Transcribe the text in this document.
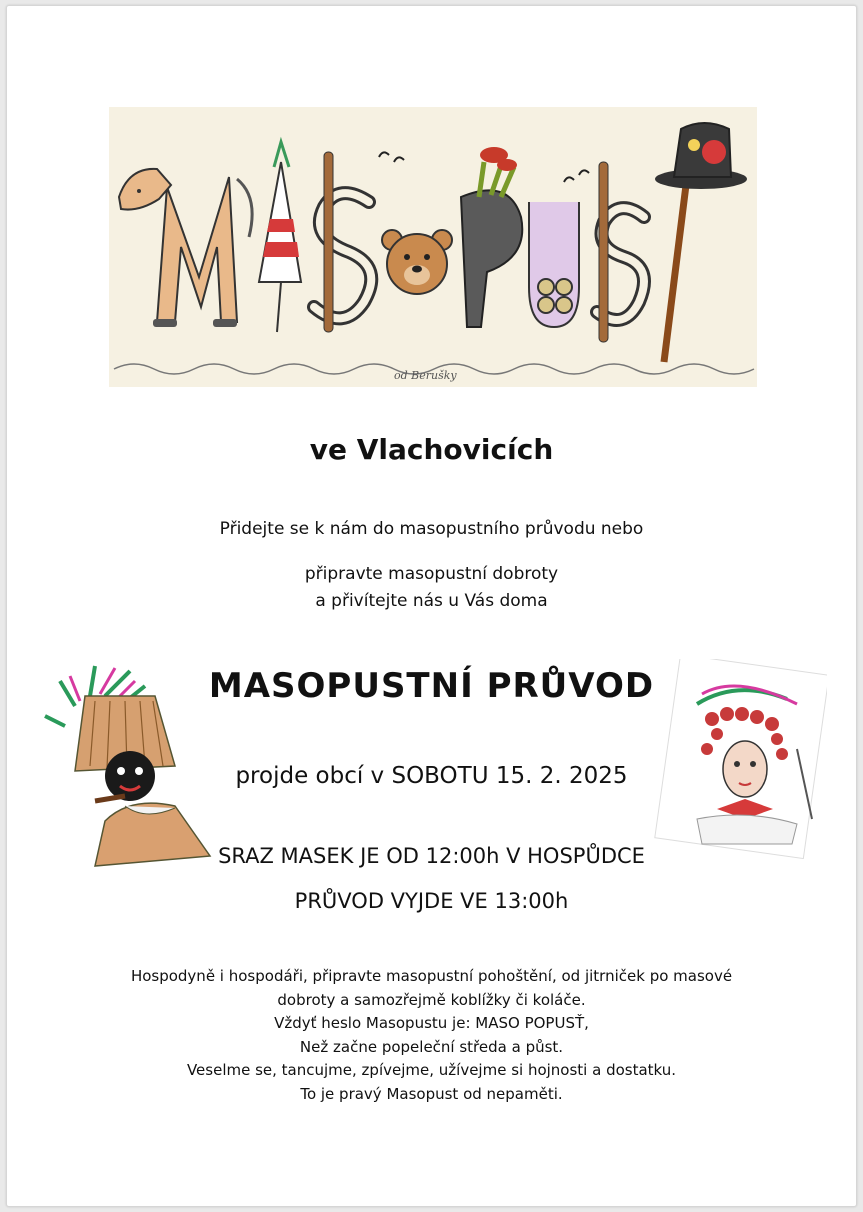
od Berušky
ve Vlachovicích
Přidejte se k nám do masopustního průvodu nebo
připravte masopustní dobroty
a přivítejte nás u Vás doma
MASOPUSTNÍ PRŮVOD
projde obcí v SOBOTU 15. 2. 2025
SRAZ MASEK JE OD 12:00h V HOSPŮDCE
PRŮVOD VYJDE VE 13:00h
Hospodyně i hospodáři, připravte masopustní pohoštění, od jitrniček po masové
dobroty a samozřejmě koblížky či koláče.
Vždyť heslo Masopustu je: MASO POPUSŤ,
Než začne popeleční středa a půst.
Veselme se, tancujme, zpívejme, užívejme si hojnosti a dostatku.
To je pravý Masopust od nepaměti.
